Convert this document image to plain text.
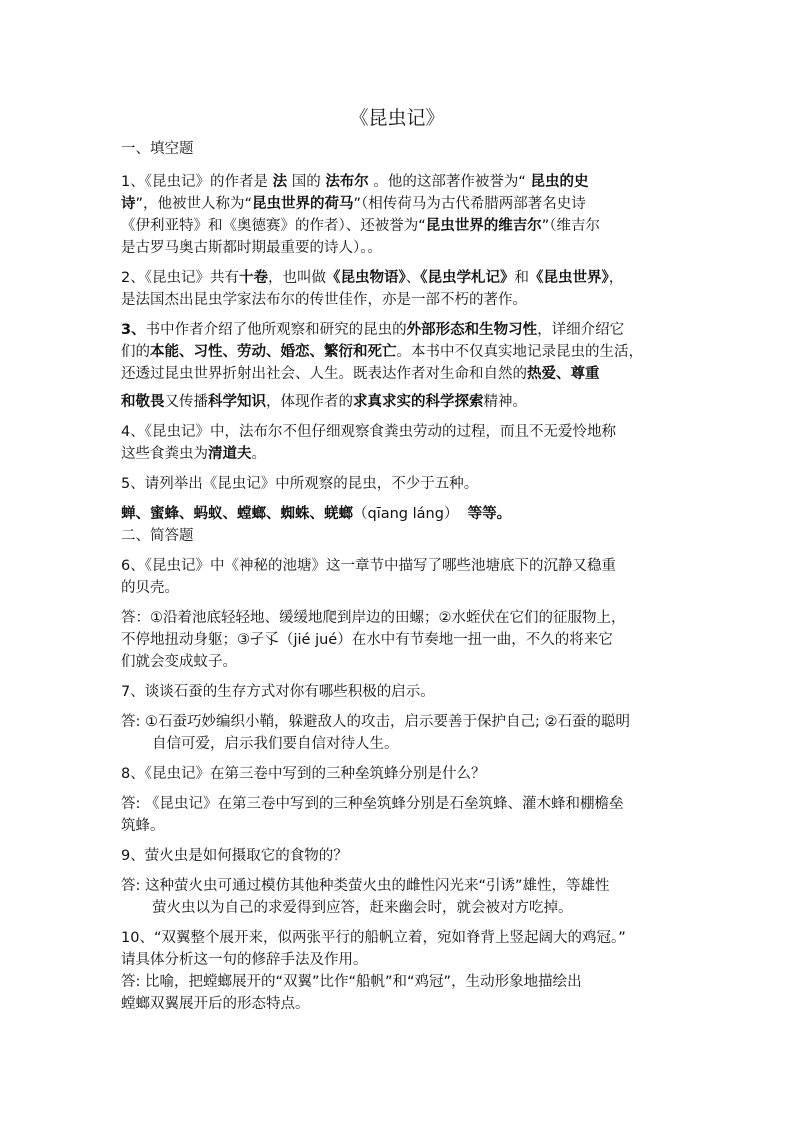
《昆虫记》
一、填空题
1、《昆虫记》的作者是 法 国的 法布尔 。他的这部著作被誉为“ 昆虫的史
诗”，他被世人称为“昆虫世界的荷马”（相传荷马为古代希腊两部著名史诗
《伊利亚特》和《奥德赛》的作者）、还被誉为“昆虫世界的维吉尔”（维吉尔
是古罗马奥古斯都时期最重要的诗人）。。
2、《昆虫记》共有十卷，也叫做《昆虫物语》、《昆虫学札记》和《昆虫世界》，
是法国杰出昆虫学家法布尔的传世佳作，亦是一部不朽的著作。
3、书中作者介绍了他所观察和研究的昆虫的外部形态和生物习性，详细介绍它
们的本能、习性、劳动、婚恋、繁衍和死亡。本书中不仅真实地记录昆虫的生活，
还透过昆虫世界折射出社会、人生。既表达作者对生命和自然的热爱、尊重
和敬畏又传播科学知识，体现作者的求真求实的科学探索精神。
4、《昆虫记》中，法布尔不但仔细观察食粪虫劳动的过程，而且不无爱怜地称
这些食粪虫为清道夫。
5、请列举出《昆虫记》中所观察的昆虫，不少于五种。
蝉、蜜蜂、蚂蚁、螳螂、蜘蛛、蜣螂（qīang láng） 等等。
二、简答题
6、《昆虫记》中《神秘的池塘》这一章节中描写了哪些池塘底下的沉静又稳重
的贝壳。
答：①沿着池底轻轻地、缓缓地爬到岸边的田螺；②水蛭伏在它们的征服物上，
不停地扭动身躯；③孑孓（jié jué）在水中有节奏地一扭一曲，不久的将来它
们就会变成蚊子。
7、谈谈石蚕的生存方式对你有哪些积极的启示。
答: ①石蚕巧妙编织小鞘，躲避敌人的攻击，启示要善于保护自己; ②石蚕的聪明
自信可爱，启示我们要自信对待人生。
8、《昆虫记》在第三卷中写到的三种垒筑蜂分别是什么？
答: 《昆虫记》在第三卷中写到的三种垒筑蜂分别是石垒筑蜂、灌木蜂和棚檐垒
筑蜂。
9、萤火虫是如何摄取它的食物的？
答: 这种萤火虫可通过模仿其他种类萤火虫的雌性闪光来“引诱”雄性，等雄性
萤火虫以为自己的求爱得到应答，赶来幽会时，就会被对方吃掉。
10、“双翼整个展开来，似两张平行的船帆立着，宛如脊背上竖起阔大的鸡冠。”
请具体分析这一句的修辞手法及作用。
答: 比喻，把螳螂展开的“双翼”比作“船帆”和“鸡冠”，生动形象地描绘出
螳螂双翼展开后的形态特点。
